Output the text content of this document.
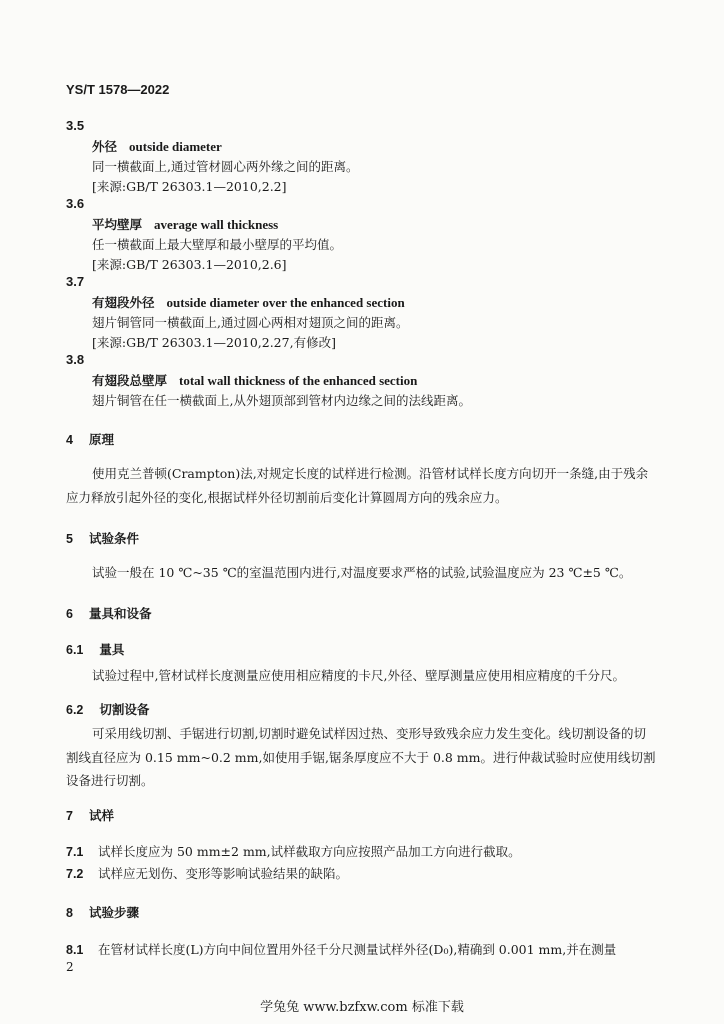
YS/T 1578—2022
3.5
外径 outside diameter
同一横截面上,通过管材圆心两外缘之间的距离。
[来源:GB/T 26303.1—2010,2.2]
3.6
平均壁厚 average wall thickness
任一横截面上最大壁厚和最小壁厚的平均值。
[来源:GB/T 26303.1—2010,2.6]
3.7
有翅段外径 outside diameter over the enhanced section
翅片铜管同一横截面上,通过圆心两相对翅顶之间的距离。
[来源:GB/T 26303.1—2010,2.27,有修改]
3.8
有翅段总壁厚 total wall thickness of the enhanced section
翅片铜管在任一横截面上,从外翅顶部到管材内边缘之间的法线距离。
4 原理

使用克兰普顿(Crampton)法,对规定长度的试样进行检测。沿管材试样长度方向切开一条缝,由于残余应力释放引起外径的变化,根据试样外径切割前后变化计算圆周方向的残余应力。

5 试验条件

试验一般在 10 ℃~35 ℃的室温范围内进行,对温度要求严格的试验,试验温度应为 23 ℃±5 ℃。

6 量具和设备
6.1 量具

试验过程中,管材试样长度测量应使用相应精度的卡尺,外径、壁厚测量应使用相应精度的千分尺。

6.2 切割设备

可采用线切割、手锯进行切割,切割时避免试样因过热、变形导致残余应力发生变化。线切割设备的切割线直径应为 0.15 mm~0.2 mm,如使用手锯,锯条厚度应不大于 0.8 mm。进行仲裁试验时应使用线切割设备进行切割。

7 试样
7.1 试样长度应为 50 mm±2 mm,试样截取方向应按照产品加工方向进行截取。
7.2 试样应无划伤、变形等影响试验结果的缺陷。
8 试验步骤
8.1 在管材试样长度(L)方向中间位置用外径千分尺测量试样外径(D₀),精确到 0.001 mm,并在测量
2
学兔兔 www.bzfxw.com 标准下载
